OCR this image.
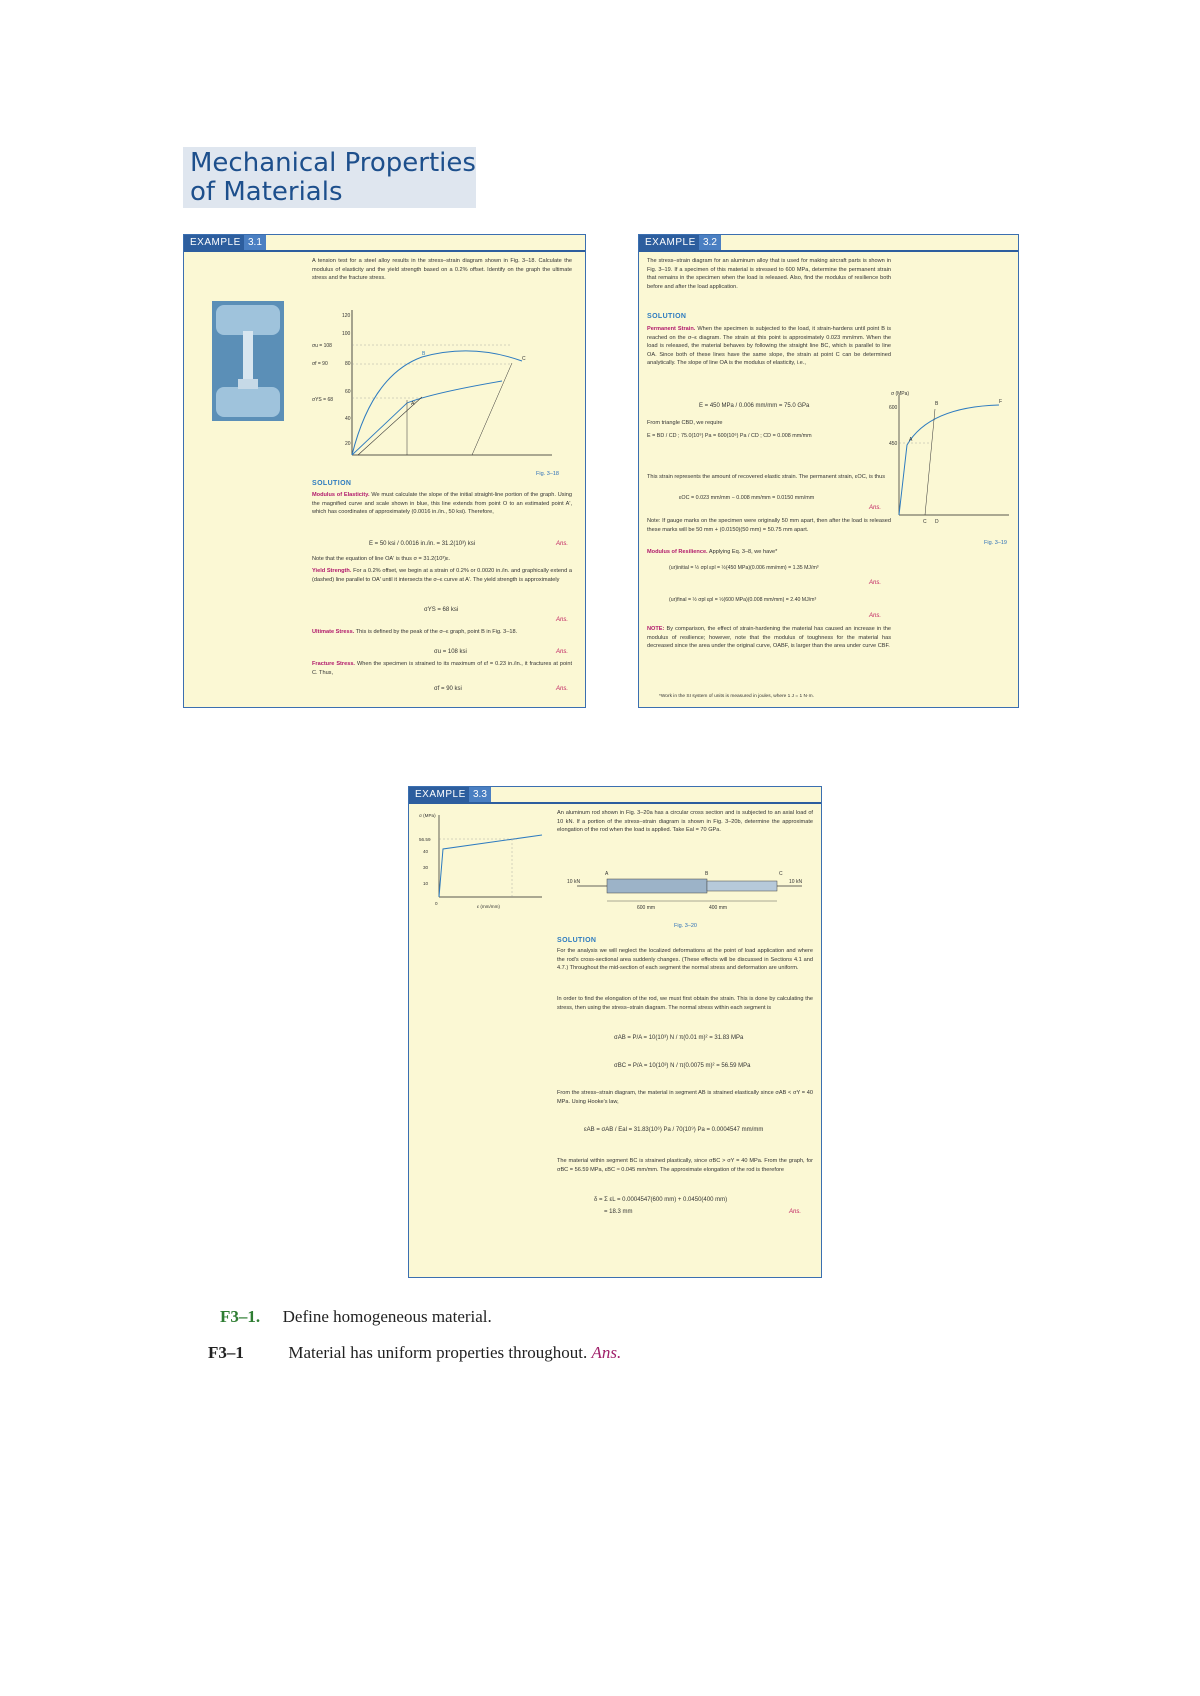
Mechanical Properties
of Materials
EXAMPLE 3.1
A tension test for a steel alloy results in the stress–strain diagram shown in Fig. 3–18. Calculate the modulus of elasticity and the yield strength based on a 0.2% offset. Identify on the graph the ultimate stress and the fracture stress.
120
100
80
60
40
20
B
C
A'
σu = 108
σYS = 68
σf = 90
Fig. 3–18
SOLUTION
Modulus of Elasticity. We must calculate the slope of the initial straight-line portion of the graph. Using the magnified curve and scale shown in blue, this line extends from point O to an estimated point A', which has coordinates of approximately (0.0016 in./in., 50 ksi). Therefore,
E = 50 ksi / 0.0016 in./in. = 31.2(10³) ksi	Ans.
Note that the equation of line OA' is thus σ = 31.2(10³)ε.
Yield Strength. For a 0.2% offset, we begin at a strain of 0.2% or 0.0020 in./in. and graphically extend a (dashed) line parallel to OA' until it intersects the σ–ε curve at A'. The yield strength is approximately
σYS = 68 ksi
Ans.
Ultimate Stress. This is defined by the peak of the σ–ε graph, point B in Fig. 3–18.
σu = 108 ksi	Ans.
Fracture Stress. When the specimen is strained to its maximum of εf = 0.23 in./in., it fractures at point C. Thus,
σf = 90 ksi	Ans.
EXAMPLE 3.2
The stress–strain diagram for an aluminum alloy that is used for making aircraft parts is shown in Fig. 3–19. If a specimen of this material is stressed to 600 MPa, determine the permanent strain that remains in the specimen when the load is released. Also, find the modulus of resilience both before and after the load application.
SOLUTION
Permanent Strain. When the specimen is subjected to the load, it strain-hardens until point B is reached on the σ–ε diagram. The strain at this point is approximately 0.023 mm/mm. When the load is released, the material behaves by following the straight line BC, which is parallel to line OA. Since both of these lines have the same slope, the strain at point C can be determined analytically. The slope of line OA is the modulus of elasticity, i.e.,
E = 450 MPa / 0.006 mm/mm = 75.0 GPa
From triangle CBD, we require
E = BD / CD ; 75.0(10⁹) Pa = 600(10⁶) Pa / CD ; CD = 0.008 mm/mm
This strain represents the amount of recovered elastic strain. The permanent strain, εOC, is thus
εOC = 0.023 mm/mm − 0.008 mm/mm = 0.0150 mm/mm
Ans.
Note: If gauge marks on the specimen were originally 50 mm apart, then after the load is released these marks will be 50 mm + (0.0150)(50 mm) = 50.75 mm apart.
Modulus of Resilience. Applying Eq. 3–8, we have*
(ur)initial = ½ σpl εpl = ½(450 MPa)(0.006 mm/mm) = 1.35 MJ/m³
Ans.
(ur)final = ½ σpl εpl = ½(600 MPa)(0.008 mm/mm) = 2.40 MJ/m³
Ans.
NOTE: By comparison, the effect of strain-hardening the material has caused an increase in the modulus of resilience; however, note that the modulus of toughness for the material has decreased since the area under the original curve, OABF, is larger than the area under curve CBF.
*Work in the SI system of units is measured in joules, where 1 J = 1 N·m.
A
B	F
C D
σ (MPa)
600
450
Fig. 3–19
EXAMPLE 3.3
σ (MPa)
56.59
40
30
10
0
ε (mm/mm)
An aluminum rod shown in Fig. 3–20a has a circular cross section and is subjected to an axial load of 10 kN. If a portion of the stress–strain diagram is shown in Fig. 3–20b, determine the approximate elongation of the rod when the load is applied. Take Eal = 70 GPa.
A	B	C
10 kN	10 kN
600 mm	400 mm
Fig. 3–20
SOLUTION
For the analysis we will neglect the localized deformations at the point of load application and where the rod's cross-sectional area suddenly changes. (These effects will be discussed in Sections 4.1 and 4.7.) Throughout the mid-section of each segment the normal stress and deformation are uniform.
In order to find the elongation of the rod, we must first obtain the strain. This is done by calculating the stress, then using the stress–strain diagram. The normal stress within each segment is
σAB = P/A = 10(10³) N / π(0.01 m)² = 31.83 MPa
σBC = P/A = 10(10³) N / π(0.0075 m)² = 56.59 MPa
From the stress–strain diagram, the material in segment AB is strained elastically since σAB < σY = 40 MPa. Using Hooke's law,
εAB = σAB / Eal = 31.83(10⁶) Pa / 70(10⁹) Pa = 0.0004547 mm/mm
The material within segment BC is strained plastically, since σBC > σY = 40 MPa. From the graph, for σBC = 56.59 MPa, εBC ≈ 0.045 mm/mm. The approximate elongation of the rod is therefore
δ = Σ εL = 0.0004547(600 mm) + 0.0450(400 mm)
= 18.3 mm	Ans.
F3–1. Define homogeneous material.
F3–1	Material has uniform properties throughout. Ans.
